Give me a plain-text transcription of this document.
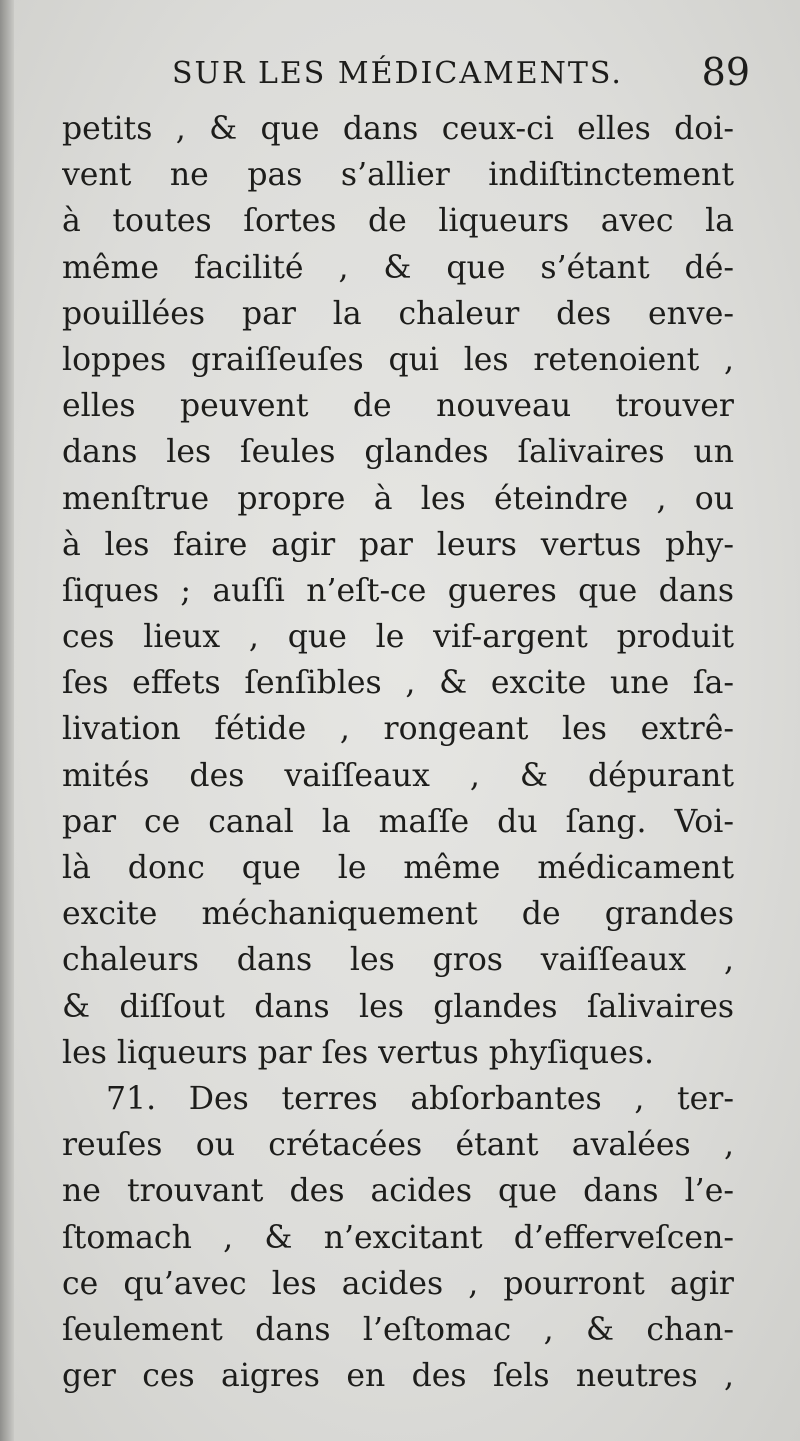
SUR LES MÉDICAMENTS. 89
petits , & que dans ceux-ci elles doi-
vent ne pas s’allier indiſtinctement
à toutes ſortes de liqueurs avec la
même facilité , & que s’étant dé-
pouillées par la chaleur des enve-
loppes graiſſeuſes qui les retenoient ,
elles peuvent de nouveau trouver
dans les ſeules glandes ſalivaires un
menſtrue propre à les éteindre , ou
à les faire agir par leurs vertus phy-
ſiques ; auſſi n’eſt-ce gueres que dans
ces lieux , que le vif-argent produit
ſes effets ſenſibles , & excite une ſa-
livation fétide , rongeant les extrê-
mités des vaiſſeaux , & dépurant
par ce canal la maſſe du ſang. Voi-
là donc que le même médicament
excite méchaniquement de grandes
chaleurs dans les gros vaiſſeaux ,
& diſſout dans les glandes ſalivaires
les liqueurs par ſes vertus phyſiques.
71. Des terres abſorbantes , ter-
reuſes ou crétacées étant avalées ,
ne trouvant des acides que dans l’e-
ſtomach , & n’excitant d’efferveſcen-
ce qu’avec les acides , pourront agir
ſeulement dans l’eſtomac , & chan-
ger ces aigres en des ſels neutres ,
